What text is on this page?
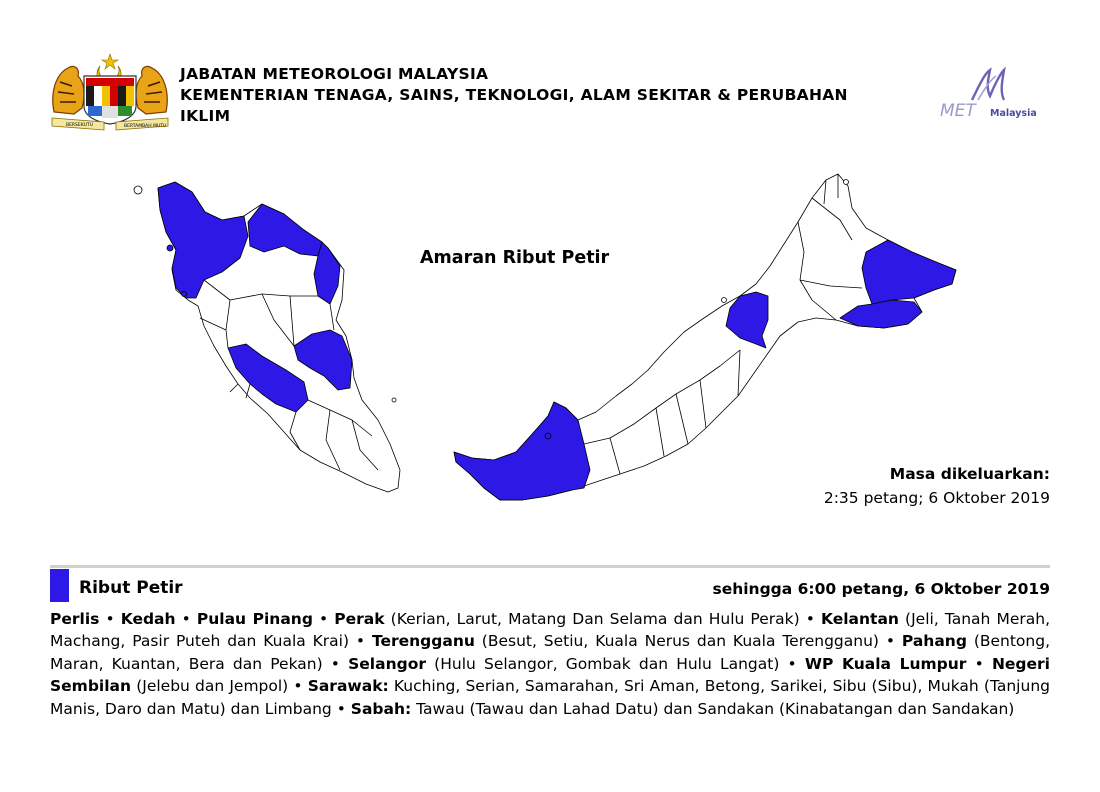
BERSEKUTU	BERTAMBAH MUTU
JABATAN METEOROLOGI MALAYSIA
KEMENTERIAN TENAGA, SAINS, TEKNOLOGI, ALAM SEKITAR & PERUBAHAN
IKLIM	MET Malaysia
Amaran Ribut Petir
Masa dikeluarkan:
2:35 petang; 6 Oktober 2019
Ribut Petir	sehingga 6:00 petang, 6 Oktober 2019
Perlis • Kedah • Pulau Pinang • Perak (Kerian, Larut, Matang Dan Selama dan Hulu Perak) • Kelantan (Jeli, Tanah Merah, Machang, Pasir Puteh dan Kuala Krai) • Terengganu (Besut, Setiu, Kuala Nerus dan Kuala Terengganu) • Pahang (Bentong, Maran, Kuantan, Bera dan Pekan) • Selangor (Hulu Selangor, Gombak dan Hulu Langat) • WP Kuala Lumpur • Negeri Sembilan (Jelebu dan Jempol) • Sarawak: Kuching, Serian, Samarahan, Sri Aman, Betong, Sarikei, Sibu (Sibu), Mukah (Tanjung Manis, Daro dan Matu) dan Limbang • Sabah: Tawau (Tawau dan Lahad Datu) dan Sandakan (Kinabatangan dan Sandakan)
